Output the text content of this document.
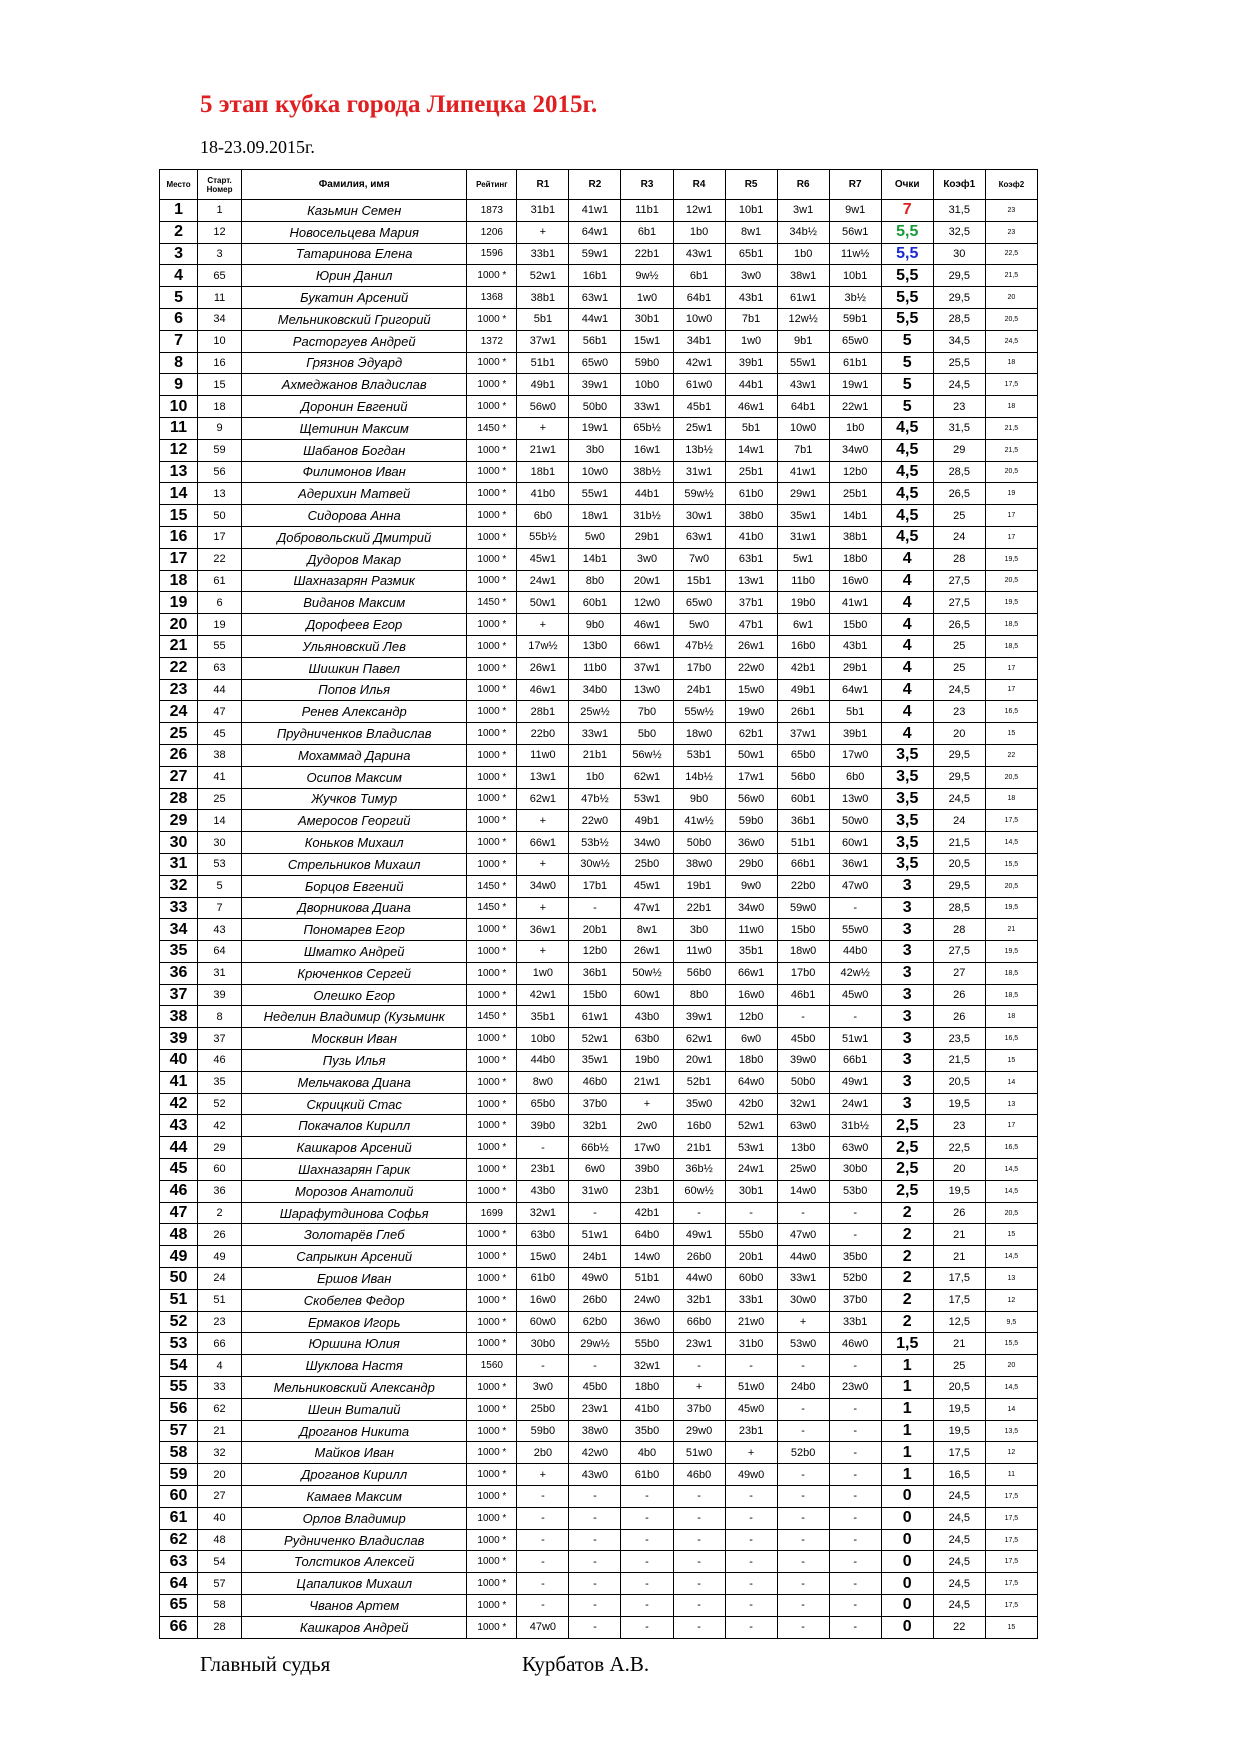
5 этап кубка города Липецка 2015г.
18-23.09.2015г.
Место	Старт. Номер	Фамилия, имя	Рейтинг	R1	R2	R3	R4	R5	R6	R7	Очки	Коэф1	Коэф2
1	1	Казьмин Семен	1873	31b1	41w1	11b1	12w1	10b1	3w1	9w1	7	31,5	23
2	12	Новосельцева Мария	1206	+	64w1	6b1	1b0	8w1	34b½	56w1	5,5	32,5	23
3	3	Татаринова Елена	1596	33b1	59w1	22b1	43w1	65b1	1b0	11w½	5,5	30	22,5
4	65	Юрин Данил	1000 *	52w1	16b1	9w½	6b1	3w0	38w1	10b1	5,5	29,5	21,5
5	11	Букатин Арсений	1368	38b1	63w1	1w0	64b1	43b1	61w1	3b½	5,5	29,5	20
6	34	Мельниковский Григорий	1000 *	5b1	44w1	30b1	10w0	7b1	12w½	59b1	5,5	28,5	20,5
7	10	Расторгуев Андрей	1372	37w1	56b1	15w1	34b1	1w0	9b1	65w0	5	34,5	24,5
8	16	Грязнов Эдуард	1000 *	51b1	65w0	59b0	42w1	39b1	55w1	61b1	5	25,5	18
9	15	Ахмеджанов Владислав	1000 *	49b1	39w1	10b0	61w0	44b1	43w1	19w1	5	24,5	17,5
10	18	Доронин Евгений	1000 *	56w0	50b0	33w1	45b1	46w1	64b1	22w1	5	23	18
11	9	Щетинин Максим	1450 *	+	19w1	65b½	25w1	5b1	10w0	1b0	4,5	31,5	21,5
12	59	Шабанов Богдан	1000 *	21w1	3b0	16w1	13b½	14w1	7b1	34w0	4,5	29	21,5
13	56	Филимонов Иван	1000 *	18b1	10w0	38b½	31w1	25b1	41w1	12b0	4,5	28,5	20,5
14	13	Адерихин Матвей	1000 *	41b0	55w1	44b1	59w½	61b0	29w1	25b1	4,5	26,5	19
15	50	Сидорова Анна	1000 *	6b0	18w1	31b½	30w1	38b0	35w1	14b1	4,5	25	17
16	17	Добровольский Дмитрий	1000 *	55b½	5w0	29b1	63w1	41b0	31w1	38b1	4,5	24	17
17	22	Дудоров Макар	1000 *	45w1	14b1	3w0	7w0	63b1	5w1	18b0	4	28	19,5
18	61	Шахназарян Размик	1000 *	24w1	8b0	20w1	15b1	13w1	11b0	16w0	4	27,5	20,5
19	6	Виданов Максим	1450 *	50w1	60b1	12w0	65w0	37b1	19b0	41w1	4	27,5	19,5
20	19	Дорофеев Егор	1000 *	+	9b0	46w1	5w0	47b1	6w1	15b0	4	26,5	18,5
21	55	Ульяновский Лев	1000 *	17w½	13b0	66w1	47b½	26w1	16b0	43b1	4	25	18,5
22	63	Шишкин Павел	1000 *	26w1	11b0	37w1	17b0	22w0	42b1	29b1	4	25	17
23	44	Попов Илья	1000 *	46w1	34b0	13w0	24b1	15w0	49b1	64w1	4	24,5	17
24	47	Ренев Александр	1000 *	28b1	25w½	7b0	55w½	19w0	26b1	5b1	4	23	16,5
25	45	Прудниченков Владислав	1000 *	22b0	33w1	5b0	18w0	62b1	37w1	39b1	4	20	15
26	38	Мохаммад Дарина	1000 *	11w0	21b1	56w½	53b1	50w1	65b0	17w0	3,5	29,5	22
27	41	Осипов Максим	1000 *	13w1	1b0	62w1	14b½	17w1	56b0	6b0	3,5	29,5	20,5
28	25	Жучков Тимур	1000 *	62w1	47b½	53w1	9b0	56w0	60b1	13w0	3,5	24,5	18
29	14	Амеросов Георгий	1000 *	+	22w0	49b1	41w½	59b0	36b1	50w0	3,5	24	17,5
30	30	Коньков Михаил	1000 *	66w1	53b½	34w0	50b0	36w0	51b1	60w1	3,5	21,5	14,5
31	53	Стрельников Михаил	1000 *	+	30w½	25b0	38w0	29b0	66b1	36w1	3,5	20,5	15,5
32	5	Борцов Евгений	1450 *	34w0	17b1	45w1	19b1	9w0	22b0	47w0	3	29,5	20,5
33	7	Дворникова Диана	1450 *	+	-	47w1	22b1	34w0	59w0	-	3	28,5	19,5
34	43	Пономарев Егор	1000 *	36w1	20b1	8w1	3b0	11w0	15b0	55w0	3	28	21
35	64	Шматко Андрей	1000 *	+	12b0	26w1	11w0	35b1	18w0	44b0	3	27,5	19,5
36	31	Крюченков Сергей	1000 *	1w0	36b1	50w½	56b0	66w1	17b0	42w½	3	27	18,5
37	39	Олешко Егор	1000 *	42w1	15b0	60w1	8b0	16w0	46b1	45w0	3	26	18,5
38	8	Неделин Владимир (Кузьминк	1450 *	35b1	61w1	43b0	39w1	12b0	-	-	3	26	18
39	37	Москвин Иван	1000 *	10b0	52w1	63b0	62w1	6w0	45b0	51w1	3	23,5	16,5
40	46	Пузь Илья	1000 *	44b0	35w1	19b0	20w1	18b0	39w0	66b1	3	21,5	15
41	35	Мельчакова Диана	1000 *	8w0	46b0	21w1	52b1	64w0	50b0	49w1	3	20,5	14
42	52	Скрицкий Стас	1000 *	65b0	37b0	+	35w0	42b0	32w1	24w1	3	19,5	13
43	42	Покачалов Кирилл	1000 *	39b0	32b1	2w0	16b0	52w1	63w0	31b½	2,5	23	17
44	29	Кашкаров Арсений	1000 *	-	66b½	17w0	21b1	53w1	13b0	63w0	2,5	22,5	16,5
45	60	Шахназарян Гарик	1000 *	23b1	6w0	39b0	36b½	24w1	25w0	30b0	2,5	20	14,5
46	36	Морозов Анатолий	1000 *	43b0	31w0	23b1	60w½	30b1	14w0	53b0	2,5	19,5	14,5
47	2	Шарафутдинова Софья	1699	32w1	-	42b1	-	-	-	-	2	26	20,5
48	26	Золотарёв Глеб	1000 *	63b0	51w1	64b0	49w1	55b0	47w0	-	2	21	15
49	49	Сапрыкин Арсений	1000 *	15w0	24b1	14w0	26b0	20b1	44w0	35b0	2	21	14,5
50	24	Ершов Иван	1000 *	61b0	49w0	51b1	44w0	60b0	33w1	52b0	2	17,5	13
51	51	Скобелев Федор	1000 *	16w0	26b0	24w0	32b1	33b1	30w0	37b0	2	17,5	12
52	23	Ермаков Игорь	1000 *	60w0	62b0	36w0	66b0	21w0	+	33b1	2	12,5	9,5
53	66	Юршина Юлия	1000 *	30b0	29w½	55b0	23w1	31b0	53w0	46w0	1,5	21	15,5
54	4	Шуклова Настя	1560	-	-	32w1	-	-	-	-	1	25	20
55	33	Мельниковский Александр	1000 *	3w0	45b0	18b0	+	51w0	24b0	23w0	1	20,5	14,5
56	62	Шеин Виталий	1000 *	25b0	23w1	41b0	37b0	45w0	-	-	1	19,5	14
57	21	Дроганов Никита	1000 *	59b0	38w0	35b0	29w0	23b1	-	-	1	19,5	13,5
58	32	Майков Иван	1000 *	2b0	42w0	4b0	51w0	+	52b0	-	1	17,5	12
59	20	Дроганов Кирилл	1000 *	+	43w0	61b0	46b0	49w0	-	-	1	16,5	11
60	27	Камаев Максим	1000 *	-	-	-	-	-	-	-	0	24,5	17,5
61	40	Орлов Владимир	1000 *	-	-	-	-	-	-	-	0	24,5	17,5
62	48	Рудниченко Владислав	1000 *	-	-	-	-	-	-	-	0	24,5	17,5
63	54	Толстиков Алексей	1000 *	-	-	-	-	-	-	-	0	24,5	17,5
64	57	Цапаликов Михаил	1000 *	-	-	-	-	-	-	-	0	24,5	17,5
65	58	Чванов Артем	1000 *	-	-	-	-	-	-	-	0	24,5	17,5
66	28	Кашкаров Андрей	1000 *	47w0	-	-	-	-	-	-	0	22	15
Главный судья	Курбатов А.В.
